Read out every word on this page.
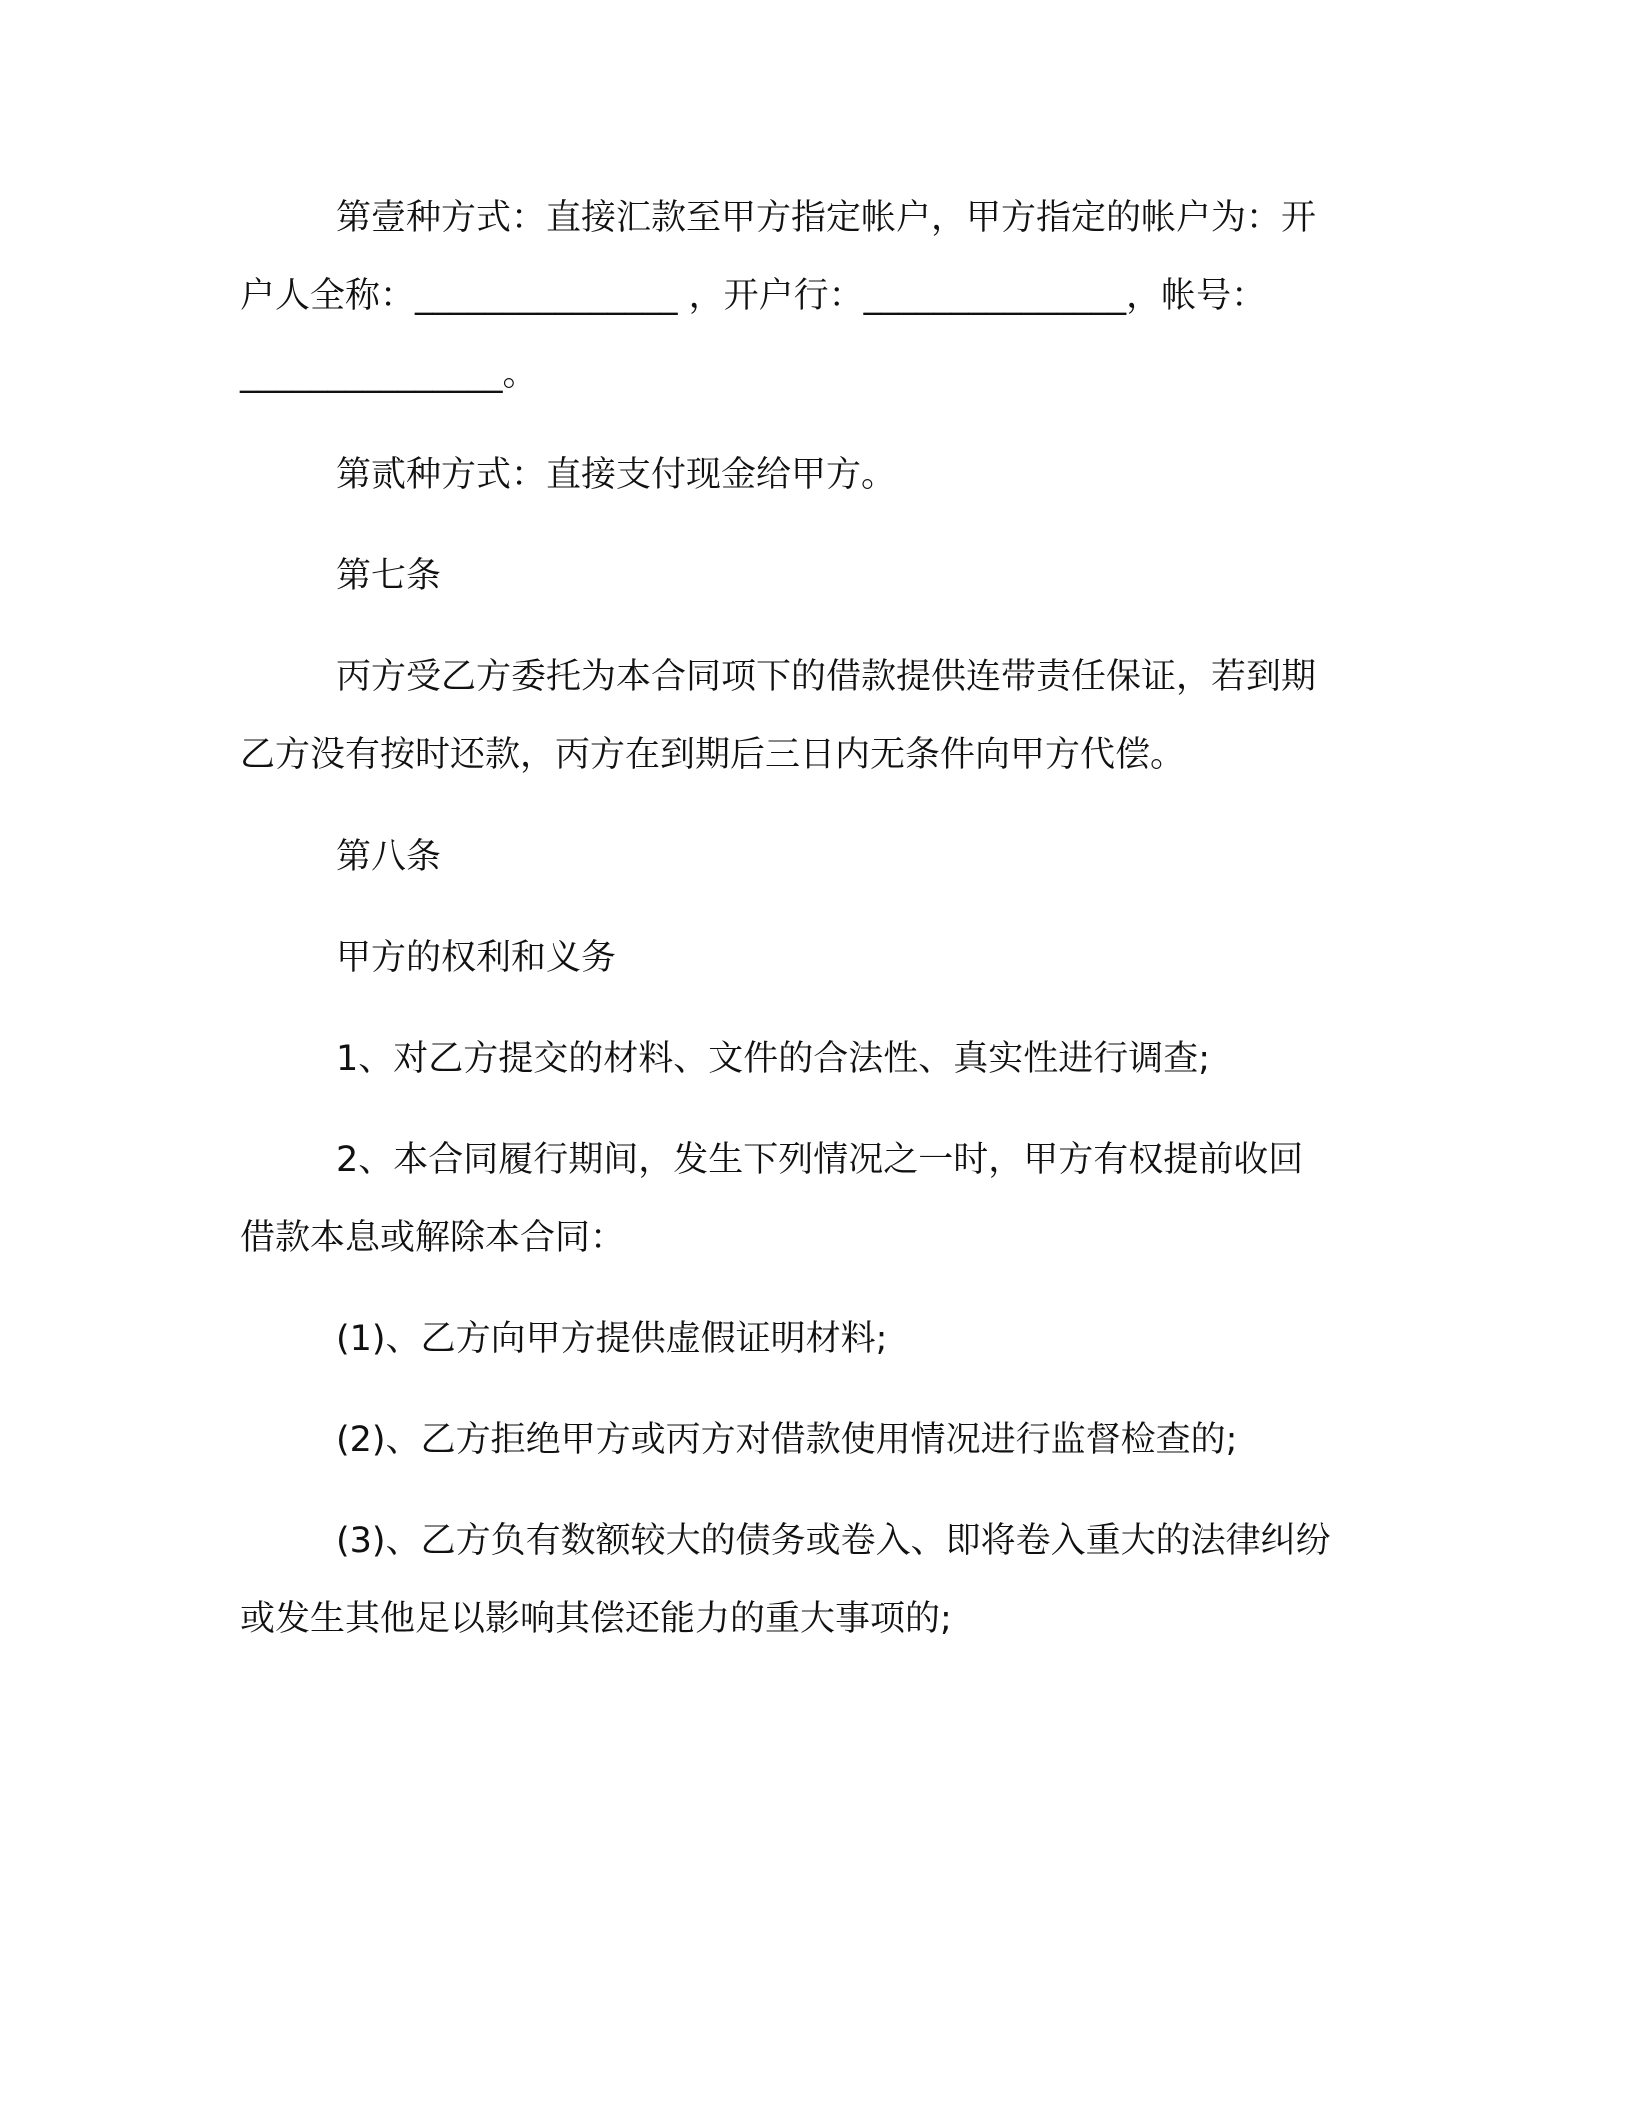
第壹种方式：直接汇款至甲方指定帐户，甲方指定的帐户为：开
户人全称：_______________ ，开户行：_______________，帐号：
_______________。
第贰种方式：直接支付现金给甲方。
第七条
丙方受乙方委托为本合同项下的借款提供连带责任保证，若到期
乙方没有按时还款，丙方在到期后三日内无条件向甲方代偿。
第八条
甲方的权利和义务
1、对乙方提交的材料、文件的合法性、真实性进行调查;
2、本合同履行期间，发生下列情况之一时，甲方有权提前收回
借款本息或解除本合同：
(1)、乙方向甲方提供虚假证明材料;
(2)、乙方拒绝甲方或丙方对借款使用情况进行监督检查的;
(3)、乙方负有数额较大的债务或卷入、即将卷入重大的法律纠纷
或发生其他足以影响其偿还能力的重大事项的;
